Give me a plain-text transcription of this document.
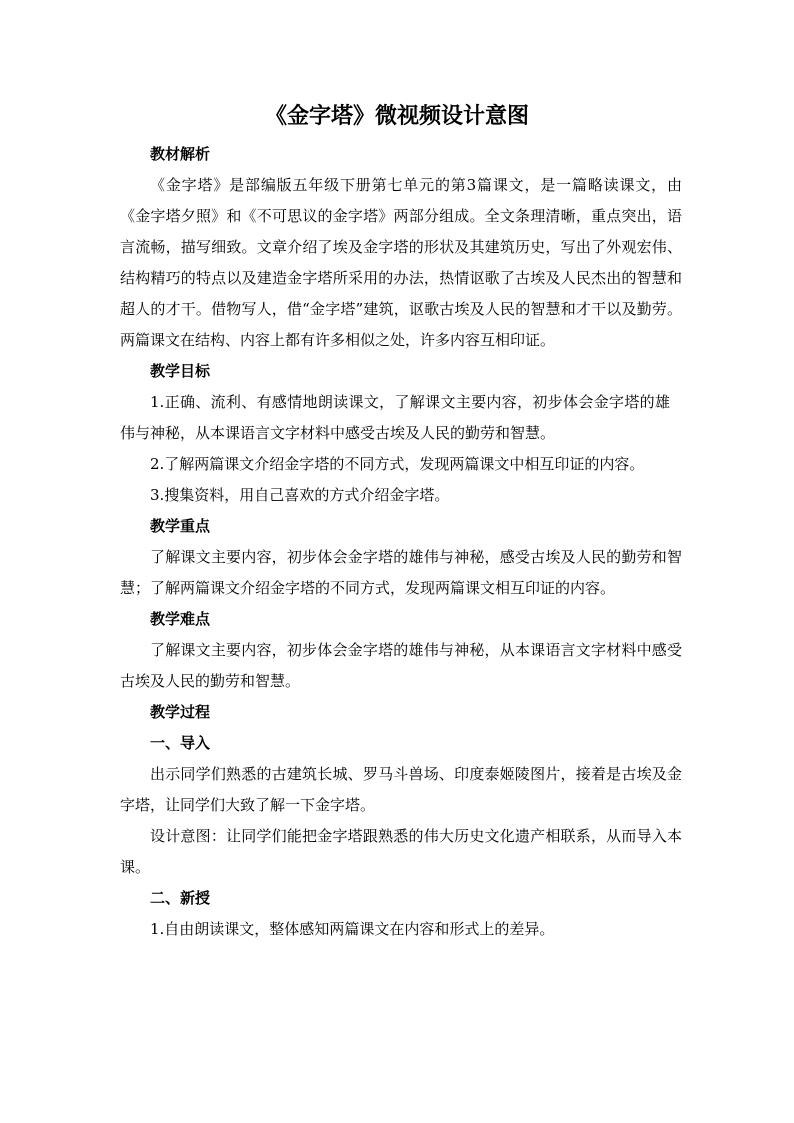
《金字塔》微视频设计意图

教材解析

《金字塔》是部编版五年级下册第七单元的第3篇课文，是一篇略读课文，由《金字塔夕照》和《不可思议的金字塔》两部分组成。全文条理清晰，重点突出，语言流畅，描写细致。文章介绍了埃及金字塔的形状及其建筑历史，写出了外观宏伟、结构精巧的特点以及建造金字塔所采用的办法，热情讴歌了古埃及人民杰出的智慧和超人的才干。借物写人，借“金字塔”建筑，讴歌古埃及人民的智慧和才干以及勤劳。两篇课文在结构、内容上都有许多相似之处，许多内容互相印证。

教学目标

1.正确、流利、有感情地朗读课文，了解课文主要内容，初步体会金字塔的雄伟与神秘，从本课语言文字材料中感受古埃及人民的勤劳和智慧。

2.了解两篇课文介绍金字塔的不同方式，发现两篇课文中相互印证的内容。

3.搜集资料，用自己喜欢的方式介绍金字塔。

教学重点

了解课文主要内容，初步体会金字塔的雄伟与神秘，感受古埃及人民的勤劳和智慧；了解两篇课文介绍金字塔的不同方式，发现两篇课文相互印证的内容。

教学难点

了解课文主要内容，初步体会金字塔的雄伟与神秘，从本课语言文字材料中感受古埃及人民的勤劳和智慧。

教学过程

一、导入

出示同学们熟悉的古建筑长城、罗马斗兽场、印度泰姬陵图片，接着是古埃及金字塔，让同学们大致了解一下金字塔。

设计意图：让同学们能把金字塔跟熟悉的伟大历史文化遗产相联系，从而导入本课。

二、新授

1.自由朗读课文，整体感知两篇课文在内容和形式上的差异。
